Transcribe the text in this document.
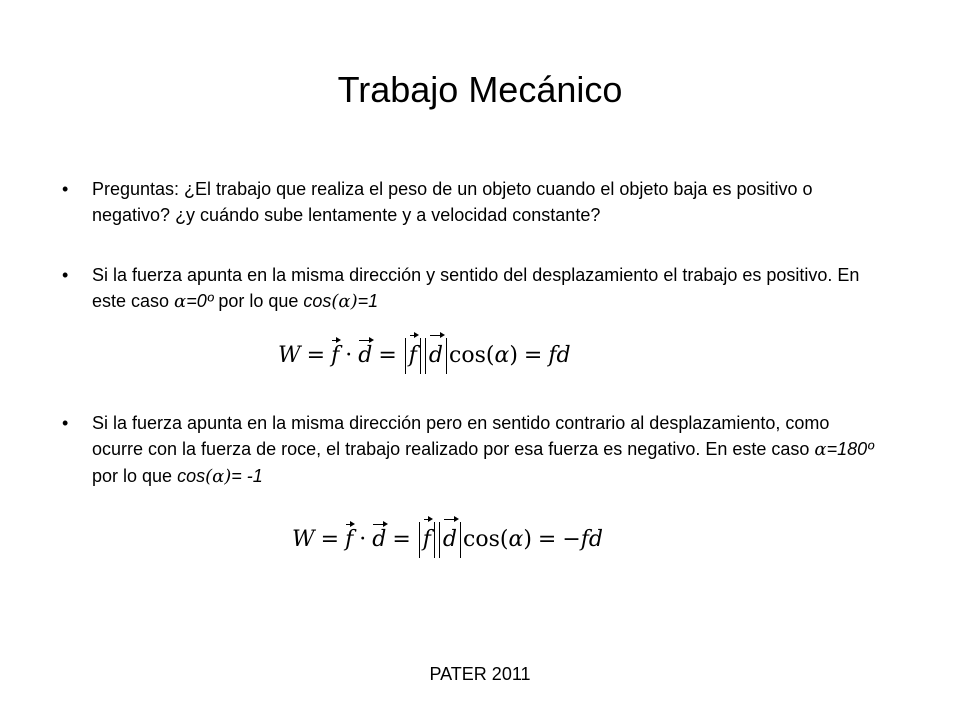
Trabajo Mecánico
• Preguntas: ¿El trabajo que realiza el peso de un objeto cuando el objeto baja es positivo o negativo? ¿y cuándo sube lentamente y a velocidad constante?
• Si la fuerza apunta en la misma dirección y sentido del desplazamiento el trabajo es positivo. En este caso α=0º por lo que cos(α)=1
W = f · d = f d cos(α) = fd
• Si la fuerza apunta en la misma dirección pero en sentido contrario al desplazamiento, como ocurre con la fuerza de roce, el trabajo realizado por esa fuerza es negativo. En este caso α=180º por lo que cos(α)= -1
W = f · d = f d cos(α) = −fd
PATER 2011
